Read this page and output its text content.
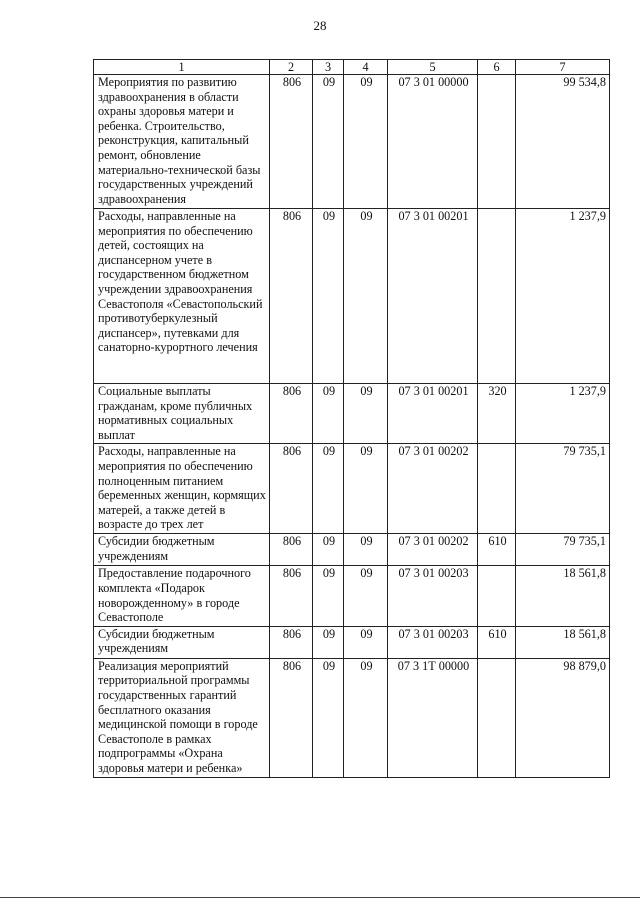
28
1	2	3	4	5	6	7
Мероприятия по развитию здравоохранения в области охраны здоровья матери и ребенка. Строительство, реконструкция, капитальный ремонт, обновление материально-технической базы государственных учреждений здравоохранения	806	09	09	07 3 01 00000		99 534,8
Расходы, направленные на мероприятия по обеспечению детей, состоящих на диспансерном учете в государственном бюджетном учреждении здравоохранения Севастополя «Севастопольский противотуберкулезный диспансер», путевками для санаторно-курортного лечения	806	09	09	07 3 01 00201		1 237,9
Социальные выплаты гражданам, кроме публичных нормативных социальных выплат	806	09	09	07 3 01 00201	320	1 237,9
Расходы, направленные на мероприятия по обеспечению полноценным питанием беременных женщин, кормящих матерей, а также детей в возрасте до трех лет	806	09	09	07 3 01 00202		79 735,1
Субсидии бюджетным учреждениям	806	09	09	07 3 01 00202	610	79 735,1
Предоставление подарочного комплекта «Подарок новорожденному» в городе Севастополе	806	09	09	07 3 01 00203		18 561,8
Субсидии бюджетным учреждениям	806	09	09	07 3 01 00203	610	18 561,8
Реализация мероприятий территориальной программы государственных гарантий бесплатного оказания медицинской помощи в городе Севастополе в рамках подпрограммы «Охрана здоровья матери и ребенка»	806	09	09	07 3 1Т 00000		98 879,0
